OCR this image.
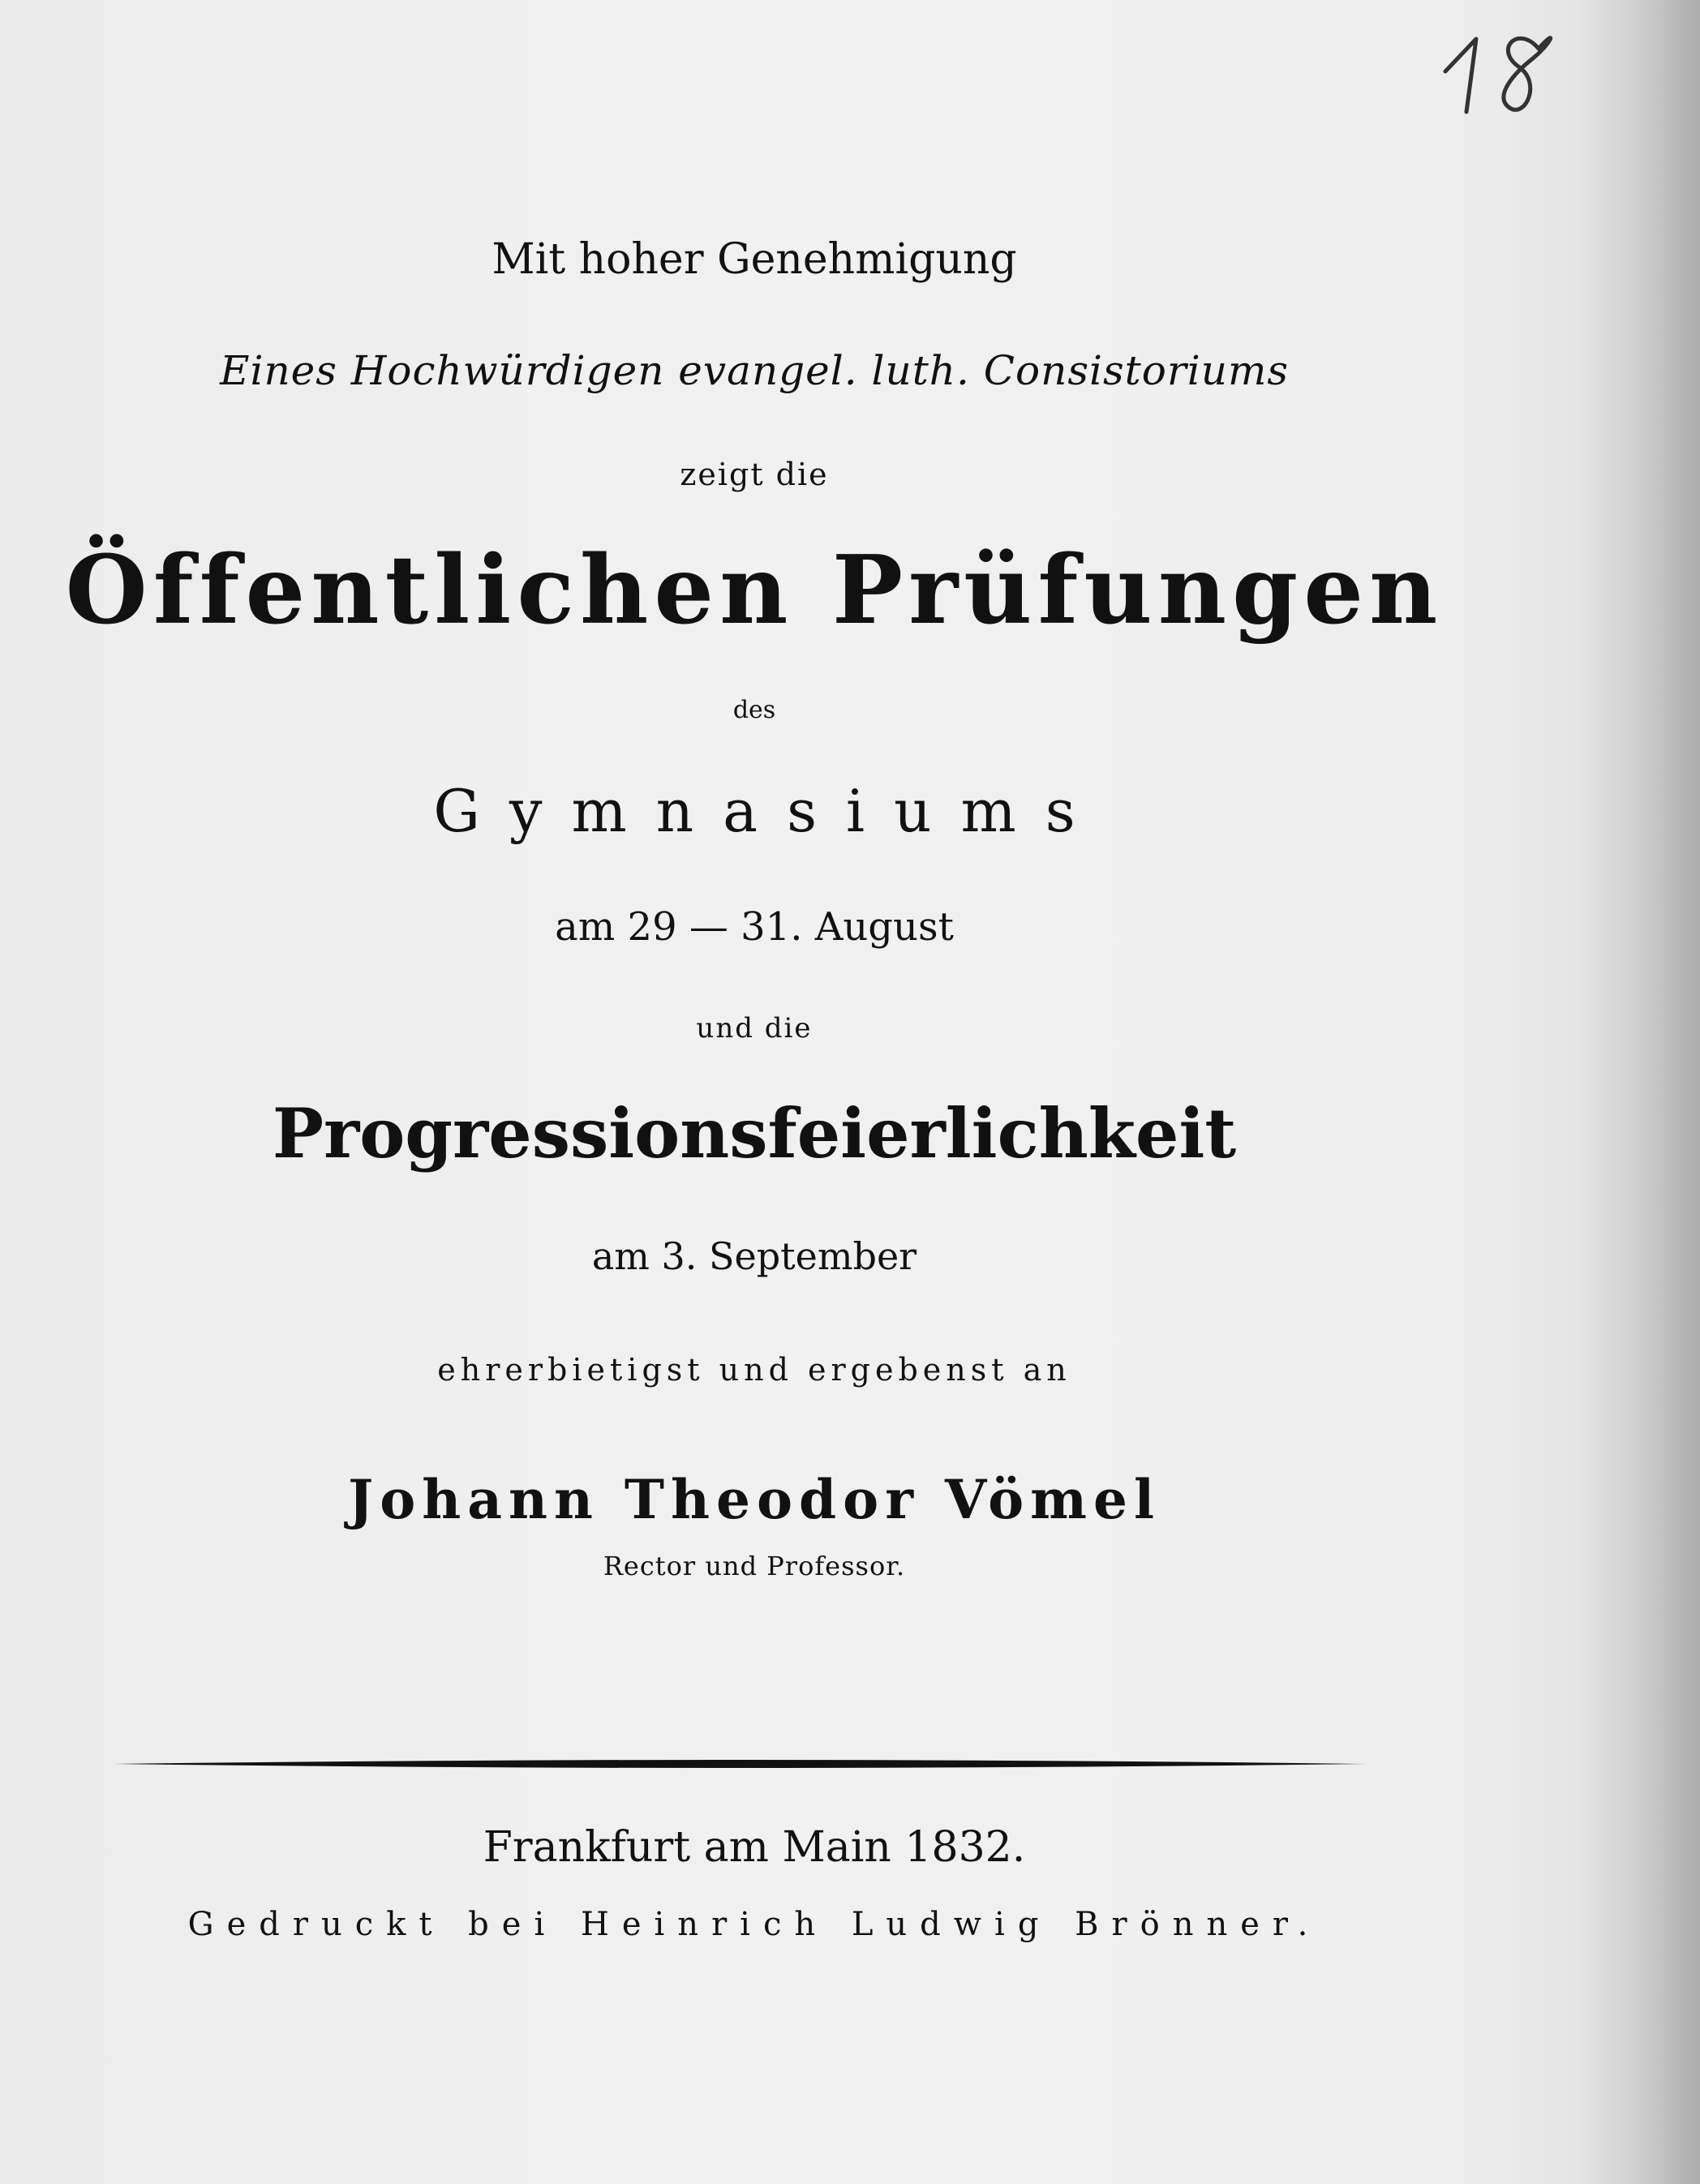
Mit hoher Genehmigung
Eines Hochwürdigen evangel. luth. Consistoriums
zeigt die
Öffentlichen Prüfungen
des
Gymnasiums
am 29 — 31. August
und die
Progressionsfeierlichkeit
am 3. September
ehrerbietigst und ergebenst an
Johann Theodor Vömel
Rector und Professor.
Frankfurt am Main 1832.
Gedruckt bei Heinrich Ludwig Brönner.
